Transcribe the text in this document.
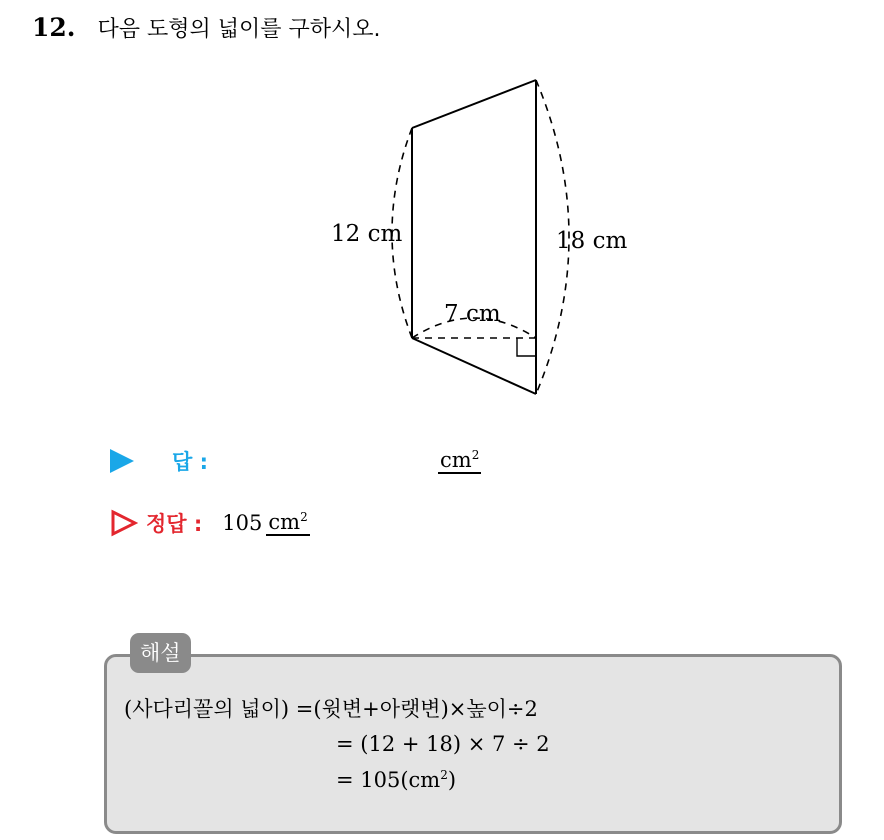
12. 다음 도형의 넓이를 구하시오.
12 cm	18 cm
7 cm
답 :	$cm^2$
정답 : 105 $cm^2$
해설
(사다리꼴의 넓이) =(윗변+아랫변)×높이÷2
= (12 + 18) × 7 ÷ 2
= $105(cm^2)$
